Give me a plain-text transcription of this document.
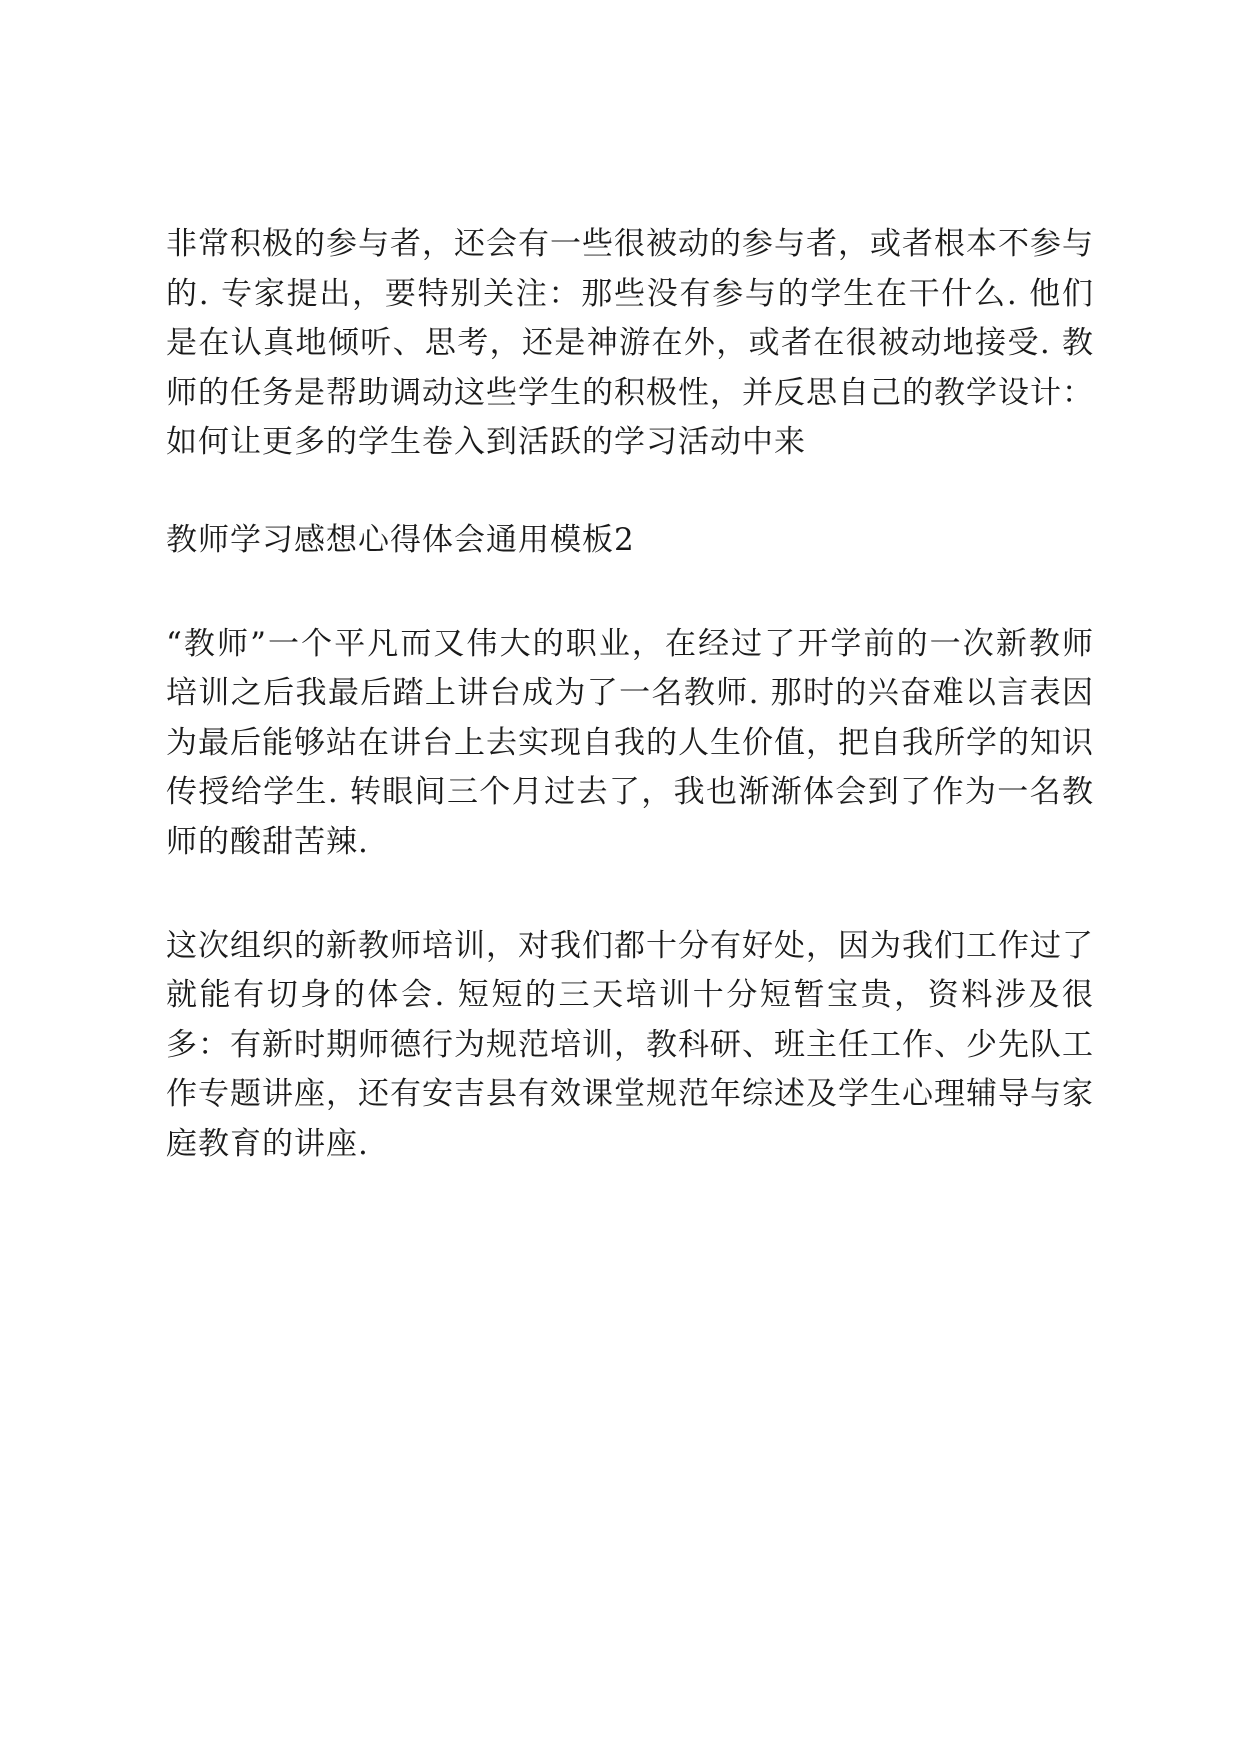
非常积极的参与者，还会有一些很被动的参与者，或者根本不参与的. 专家提出，要特别关注：那些没有参与的学生在干什么. 他们是在认真地倾听、思考，还是神游在外，或者在很被动地接受. 教师的任务是帮助调动这些学生的积极性，并反思自己的教学设计：如何让更多的学生卷入到活跃的学习活动中来

教师学习感想心得体会通用模板2

“教师”一个平凡而又伟大的职业，在经过了开学前的一次新教师培训之后我最后踏上讲台成为了一名教师. 那时的兴奋难以言表因为最后能够站在讲台上去实现自我的人生价值，把自我所学的知识传授给学生. 转眼间三个月过去了，我也渐渐体会到了作为一名教师的酸甜苦辣.

这次组织的新教师培训，对我们都十分有好处，因为我们工作过了就能有切身的体会. 短短的三天培训十分短暂宝贵，资料涉及很多：有新时期师德行为规范培训，教科研、班主任工作、少先队工作专题讲座，还有安吉县有效课堂规范年综述及学生心理辅导与家庭教育的讲座.
